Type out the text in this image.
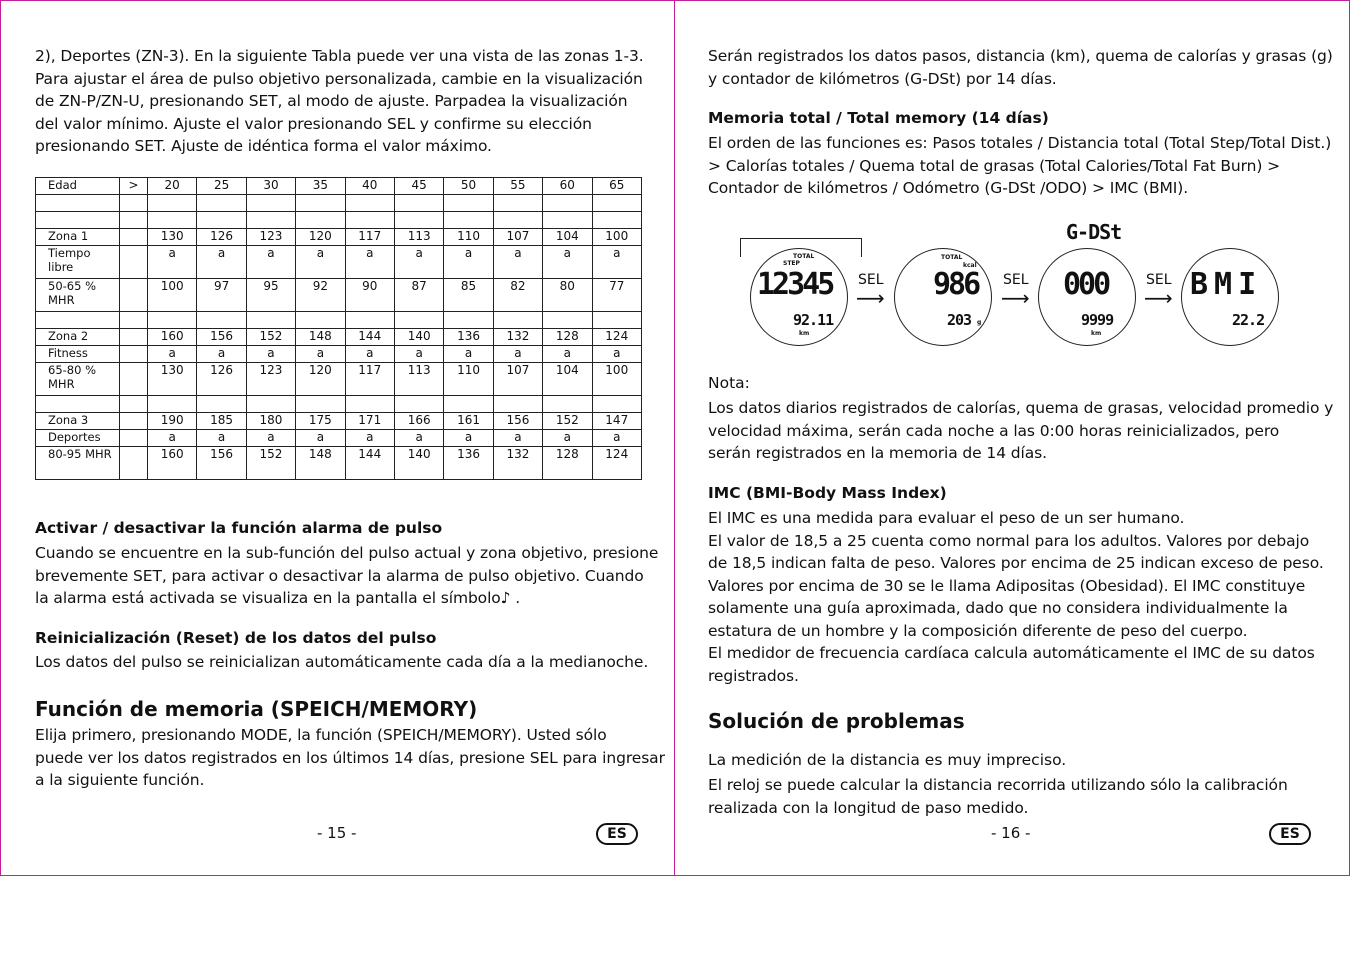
2), Deportes (ZN-3). En la siguiente Tabla puede ver una vista de las zonas 1-3.
Para ajustar el área de pulso objetivo personalizada, cambie en la visualización
de ZN-P/ZN-U, presionando SET, al modo de ajuste. Parpadea la visualización
del valor mínimo. Ajuste el valor presionando SEL y confirme su elección
presionando SET. Ajuste de idéntica forma el valor máximo.
Edad	>	20	25	30	35	40	45	50	55	60	65

Zona 1		130	126	123	120	117	113	110	107	104	100
Tiempo libre		a	a	a	a	a	a	a	a	a	a
50-65 % MHR		100	97	95	92	90	87	85	82	80	77

Zona 2		160	156	152	148	144	140	136	132	128	124
Fitness		a	a	a	a	a	a	a	a	a	a
65-80 % MHR		130	126	123	120	117	113	110	107	104	100

Zona 3		190	185	180	175	171	166	161	156	152	147
Deportes		a	a	a	a	a	a	a	a	a	a
80-95 MHR		160	156	152	148	144	140	136	132	128	124

Activar / desactivar la función alarma de pulso

Cuando se encuentre en la sub-función del pulso actual y zona objetivo, presione
brevemente SET, para activar o desactivar la alarma de pulso objetivo. Cuando
la alarma está activada se visualiza en la pantalla el símbolo♪ .

Reinicialización (Reset) de los datos del pulso

Los datos del pulso se reinicializan automáticamente cada día a la medianoche.

Función de memoria (SPEICH/MEMORY)

Elija primero, presionando MODE, la función (SPEICH/MEMORY). Usted sólo
puede ver los datos registrados en los últimos 14 días, presione SEL para ingresar
a la siguiente función.
- 15 -	ES
Serán registrados los datos pasos, distancia (km), quema de calorías y grasas (g)
y contador de kilómetros (G-DSt) por 14 días.

Memoria total / Total memory (14 días)

El orden de las funciones es: Pasos totales / Distancia total (Total Step/Total Dist.)
> Calorías totales / Quema total de grasas (Total Calories/Total Fat Burn) >
Contador de kilómetros / Odómetro (G-DSt /ODO) > IMC (BMI).

Nota:

Los datos diarios registrados de calorías, quema de grasas, velocidad promedio y
velocidad máxima, serán cada noche a las 0:00 horas reinicializados, pero
serán registrados en la memoria de 14 días.

IMC (BMI-Body Mass Index)

El IMC es una medida para evaluar el peso de un ser humano.
El valor de 18,5 a 25 cuenta como normal para los adultos. Valores por debajo
de 18,5 indican falta de peso. Valores por encima de 25 indican exceso de peso.
Valores por encima de 30 se le llama Adipositas (Obesidad). El IMC constituye
solamente una guía aproximada, dado que no considera individualmente la
estatura de un hombre y la composición diferente de peso del cuerpo.
El medidor de frecuencia cardíaca calcula automáticamente el IMC de su datos
registrados.

Solución de problemas

La medición de la distancia es muy impreciso.

El reloj se puede calcular la distancia recorrida utilizando sólo la calibración
realizada con la longitud de paso medido.
- 16 -	ES
G-DSt
TOTAL
STEP
12345
92.11
km
SEL
⟶
TOTAL
kcal
986
203 g
SEL
⟶ 000
9999
km
SEL
⟶ BMI
22.2
